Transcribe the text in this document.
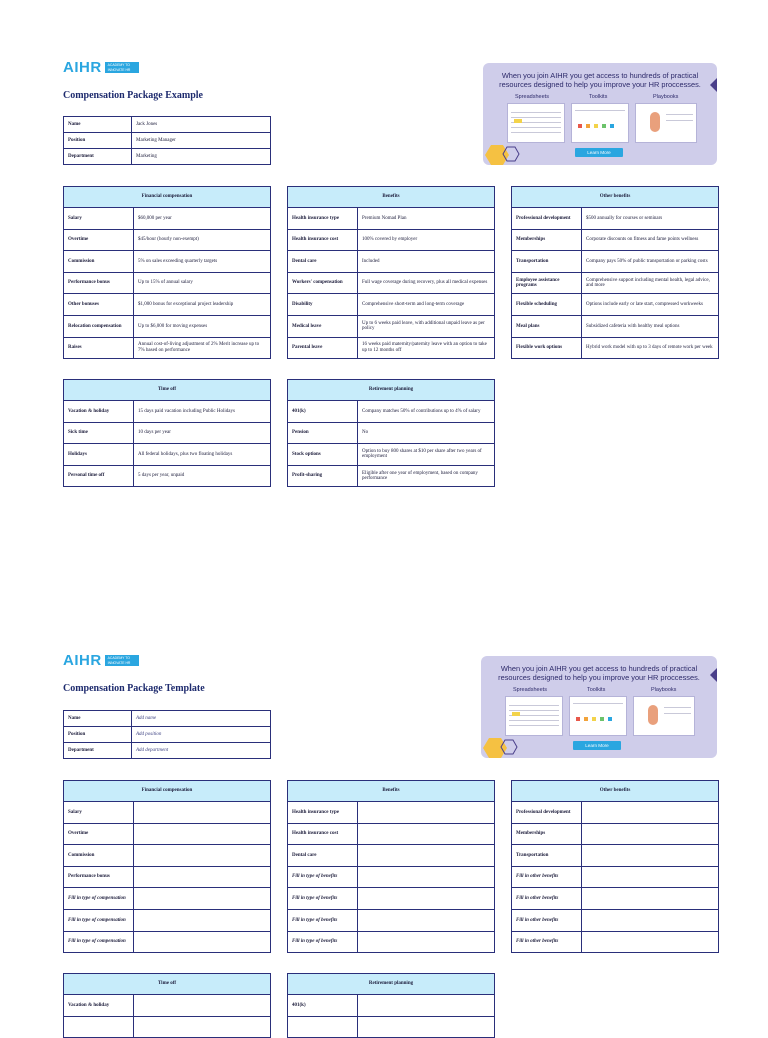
AIHR	ACADEMY TO INNOVATE HR
Compensation Package Example
When you join AIHR you get access to hundreds of practical
resources designed to help you improve your HR proccesses.
Spreadsheets	Toolkits	Playbooks
Learn More
Name	Jack Jones
Position	Marketing Manager
Department	Marketing
Financial compensation	
Salary	$60,000 per year
Overtime	$45/hour (hourly non-exempt)
Commission	5% on sales exceeding quarterly targets
Performance bonus	Up to 15% of annual salary
Other bonuses	$1,000 bonus for exceptional project leadership
Relocation compensation	Up to $6,000 for moving expenses
Raises	Annual cost-of-living adjustment of 2% Merit increase up to 7% based on performance
Benefits	
Health insurance type	Premium Nomad Plan
Health insurance cost	100% covered by employer
Dental care	Included
Workers' compensation	Full wage coverage during recovery, plus all medical expenses
Disability	Comprehensive short-term and long-term coverage
Medical leave	Up to 6 weeks paid leave, with additional unpaid leave as per policy
Parental leave	16 weeks paid maternity/paternity leave with an option to take up to 12 months off
Other benefits	
Professional development	$500 annually for courses or seminars
Memberships	Corporate discounts on fitness and fame points wellness
Transportation	Company pays 50% of public transportation or parking costs
Employee assistance programs	Comprehensive support including mental health, legal advice, and more
Flexible scheduling	Options include early or late start, compressed workweeks
Meal plans	Subsidized cafeteria with healthy meal options
Flexible work options	Hybrid work model with up to 3 days of remote work per week
Time off	
Vacation & holiday	15 days paid vacation including Public Holidays
Sick time	10 days per year
Holidays	All federal holidays, plus two floating holidays
Personal time off	5 days per year, unpaid
Retirement planning	
401(k)	Company matches 50% of contributions up to 4% of salary
Pension	No
Stock options	Option to buy 800 shares at $10 per share after two years of employment
Profit-sharing	Eligible after one year of employment, based on company performance
AIHR	ACADEMY TO INNOVATE HR
Compensation Package Template
When you join AIHR you get access to hundreds of practical
resources designed to help you improve your HR proccesses.
Spreadsheets	Toolkits	Playbooks
Learn More
Name	Add name
Position	Add position
Department	Add department
Financial compensation	
Salary	
Overtime	
Commission	
Performance bonus	
Fill in type of compensation	
Fill in type of compensation	
Fill in type of compensation	
Benefits	
Health insurance type	
Health insurance cost	
Dental care	
Fill in type of benefits	
Fill in type of benefits	
Fill in type of benefits	
Fill in type of benefits	
Other benefits	
Professional development	
Memberships	
Transportation	
Fill in other benefits	
Fill in other benefits	
Fill in other benefits	
Fill in other benefits	
Time off	
Vacation & holiday	

Retirement planning	
401(k)	
